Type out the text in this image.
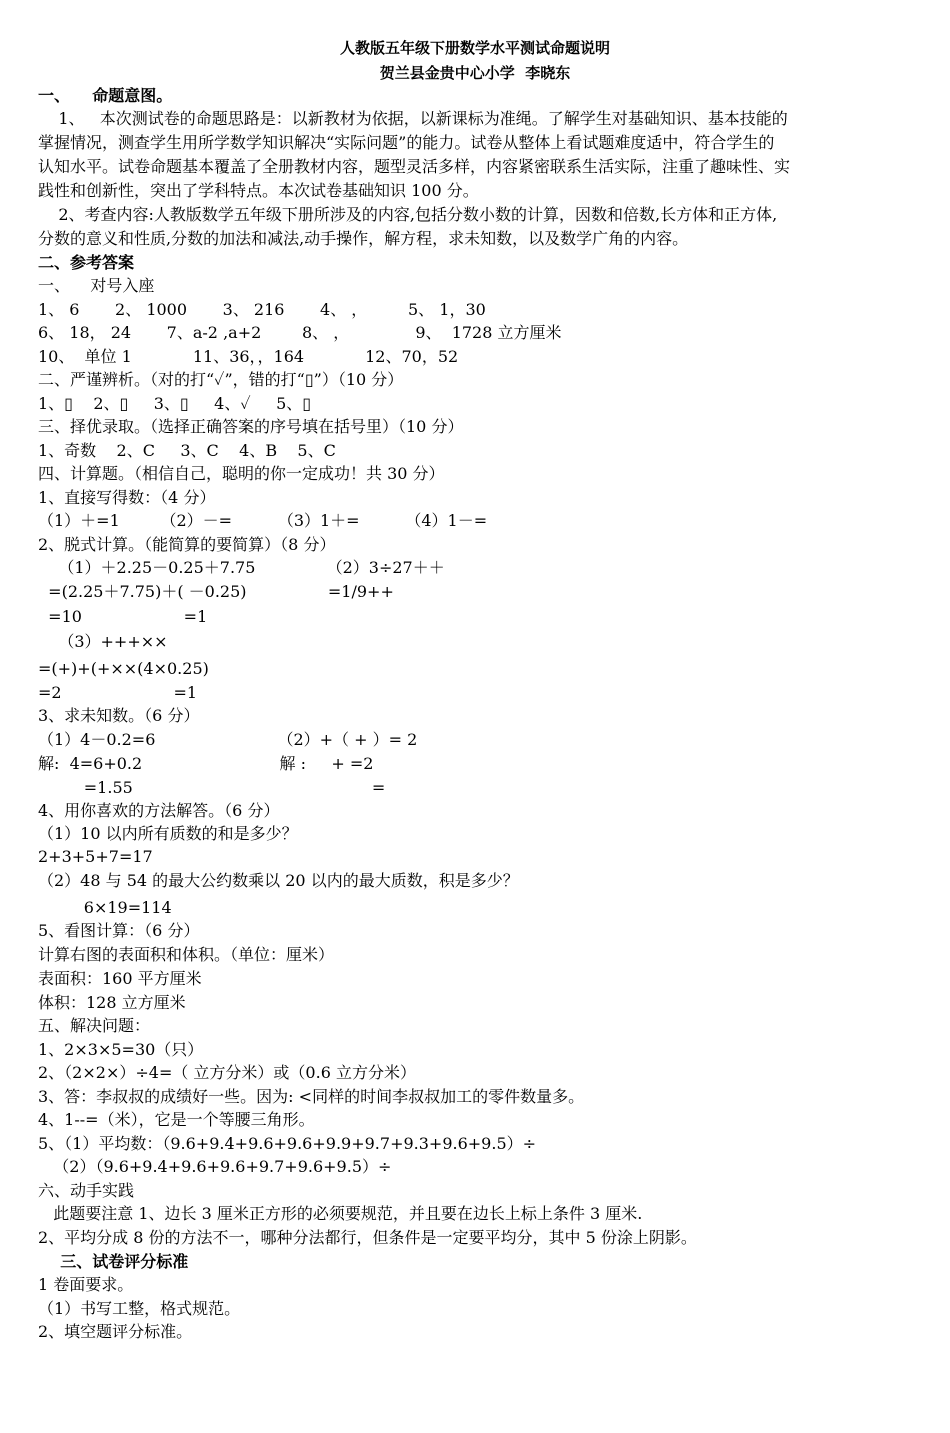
人教版五年级下册数学水平测试命题说明
贺兰县金贵中心小学  李晓东
一、    命题意图。
1、   本次测试卷的命题思路是：以新教材为依据，以新课标为准绳。了解学生对基础知识、基本技能的
掌握情况，测查学生用所学数学知识解决“实际问题”的能力。试卷从整体上看试题难度适中，符合学生的
认知水平。试卷命题基本覆盖了全册教材内容，题型灵活多样，内容紧密联系生活实际，注重了趣味性、实
践性和创新性，突出了学科特点。本次试卷基础知识 100 分。
2、考查内容:人教版数学五年级下册所涉及的内容,包括分数小数的计算，因数和倍数,长方体和正方体,
分数的意义和性质,分数的加法和减法,动手操作，解方程，求未知数，以及数学广角的内容。
二、参考答案
一、    对号入座
1、 6       2、 1000       3、 216       4、 ，        5、 1，30
6、 18， 24       7、a-2 ,a+2        8、 ，             9、  1728 立方厘米
10、  单位 1            11、36，，164            12、70，52
二、严谨辨析。（对的打“✓”，错的打“▯”）（10 分）
1、▯    2、▯     3、▯     4、✓     5、▯
三、择优录取。（选择正确答案的序号填在括号里）（10 分）
1、奇数    2、C     3、C    4、B    5、C
四、计算题。（相信自己，聪明的你一定成功！共 30 分）
1、直接写得数：（4 分）
（1）＋=1        （2）－=         （3）1＋=         （4）1－=
2、脱式计算。（能简算的要简算）（8 分）
（1）＋2.25－0.25＋7.75              （2）3÷27＋＋
=(2.25＋7.75)＋( －0.25)                =1/9++
=10                    =1
（3）+++××
=(+)+(+××(4×0.25)
=2                      =1
3、求未知数。（6 分）
（1）4－0.2=6                        （2）+（ + ）= 2
解:  4=6+0.2                           解 :     + =2
=1.55                                               =
4、用你喜欢的方法解答。（6 分）
（1）10 以内所有质数的和是多少？
2+3+5+7=17
（2）48 与 54 的最大公约数乘以 20 以内的最大质数，积是多少？
6×19=114
5、看图计算：（6 分）
计算右图的表面积和体积。（单位：厘米）
表面积：160 平方厘米
体积：128 立方厘米
五、解决问题：
1、2×3×5=30（只）
2、（2×2×）÷4=（ 立方分米）或（0.6 立方分米）
3、答：李叔叔的成绩好一些。因为: <同样的时间李叔叔加工的零件数量多。
4、1--=（米），它是一个等腰三角形。
5、（1）平均数：（9.6+9.4+9.6+9.6+9.9+9.7+9.3+9.6+9.5）÷
（2）（9.6+9.4+9.6+9.6+9.7+9.6+9.5）÷
六、动手实践
此题要注意 1、边长 3 厘米正方形的必须要规范，并且要在边长上标上条件 3 厘米.
2、平均分成 8 份的方法不一，哪种分法都行，但条件是一定要平均分，其中 5 份涂上阴影。
三、试卷评分标准
1 卷面要求。
（1）书写工整，格式规范。
2、填空题评分标准。
